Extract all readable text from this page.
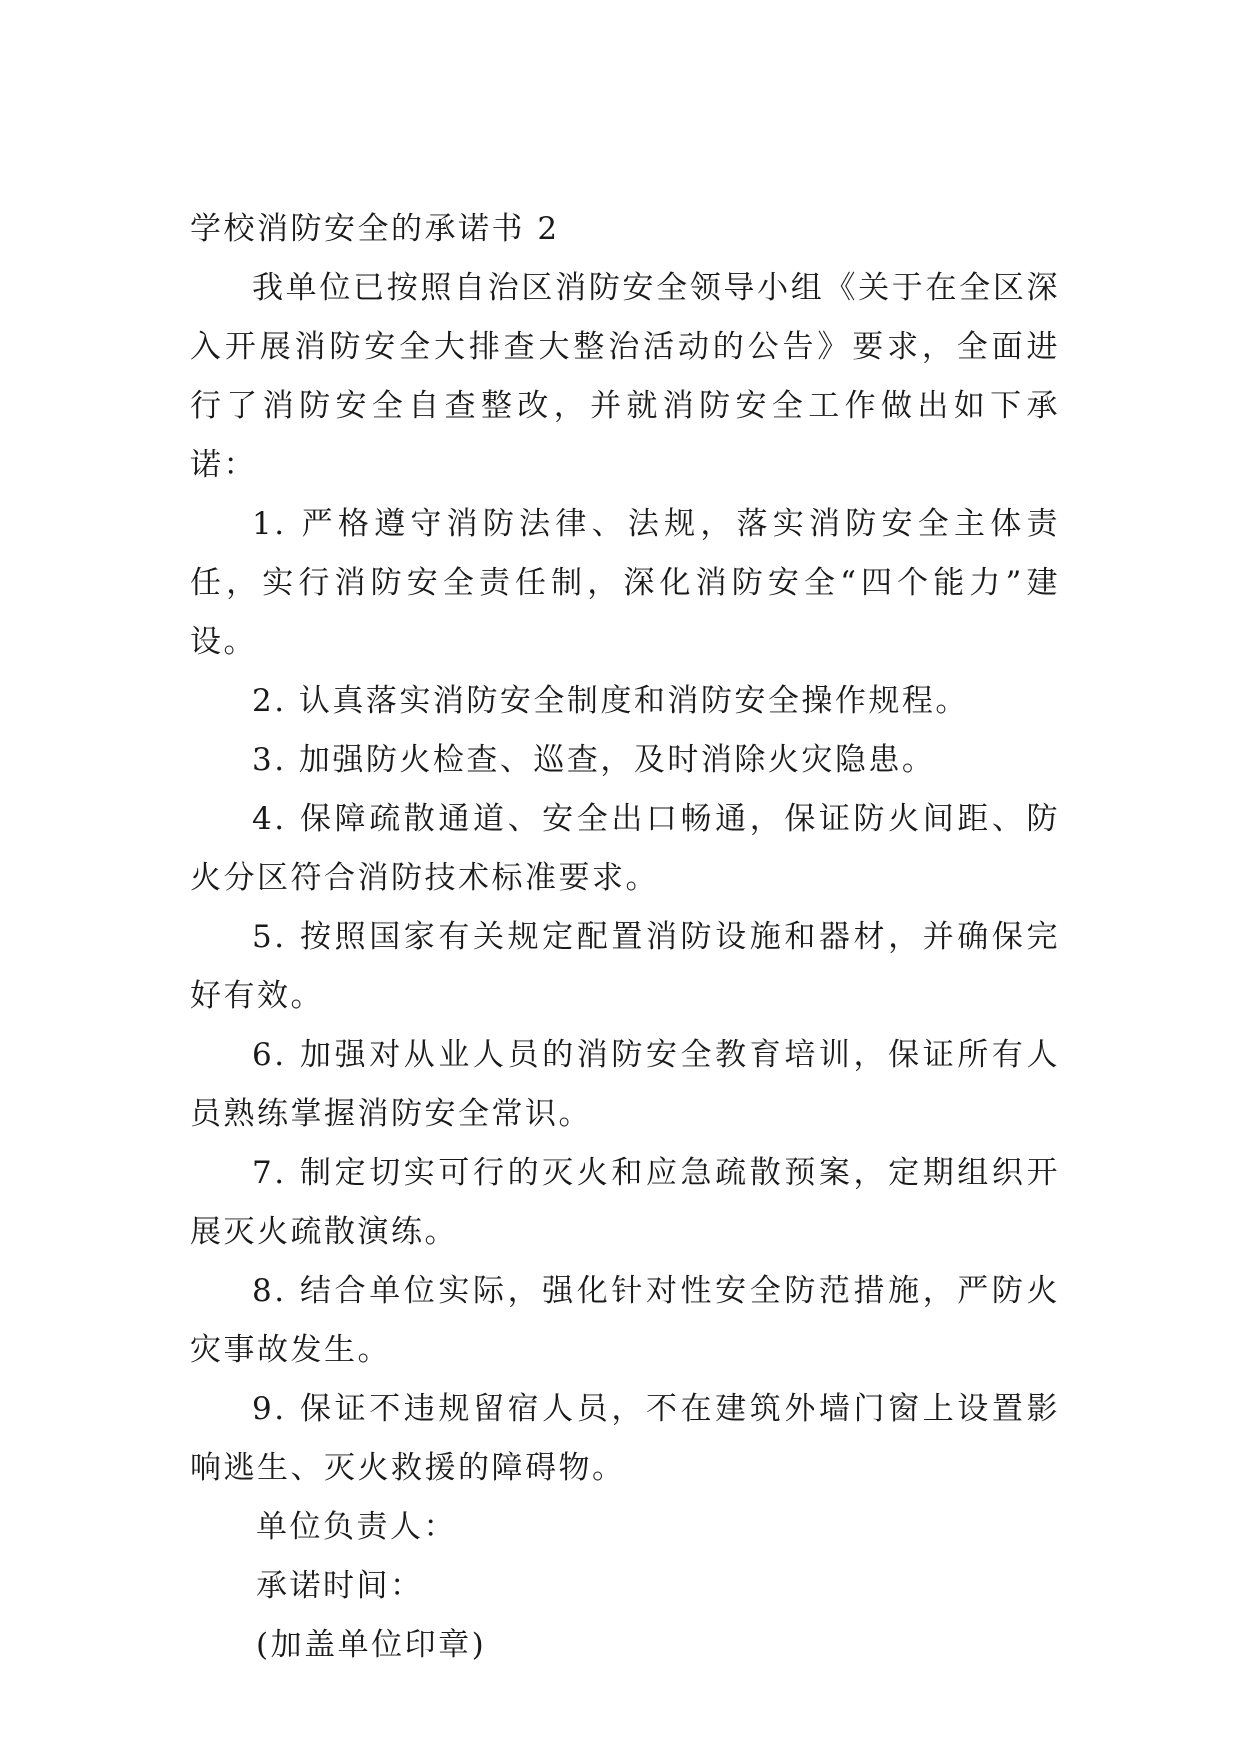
学校消防安全的承诺书 2

我单位已按照自治区消防安全领导小组《关于在全区深入开展消防安全大排查大整治活动的公告》要求，全面进行了消防安全自查整改，并就消防安全工作做出如下承诺：

1. 严格遵守消防法律、法规，落实消防安全主体责任，实行消防安全责任制，深化消防安全“四个能力”建设。

2. 认真落实消防安全制度和消防安全操作规程。

3. 加强防火检查、巡查，及时消除火灾隐患。

4. 保障疏散通道、安全出口畅通，保证防火间距、防火分区符合消防技术标准要求。

5. 按照国家有关规定配置消防设施和器材，并确保完好有效。

6. 加强对从业人员的消防安全教育培训，保证所有人员熟练掌握消防安全常识。

7. 制定切实可行的灭火和应急疏散预案，定期组织开展灭火疏散演练。

8. 结合单位实际，强化针对性安全防范措施，严防火灾事故发生。

9. 保证不违规留宿人员，不在建筑外墙门窗上设置影响逃生、灭火救援的障碍物。

单位负责人：

承诺时间：

(加盖单位印章)
